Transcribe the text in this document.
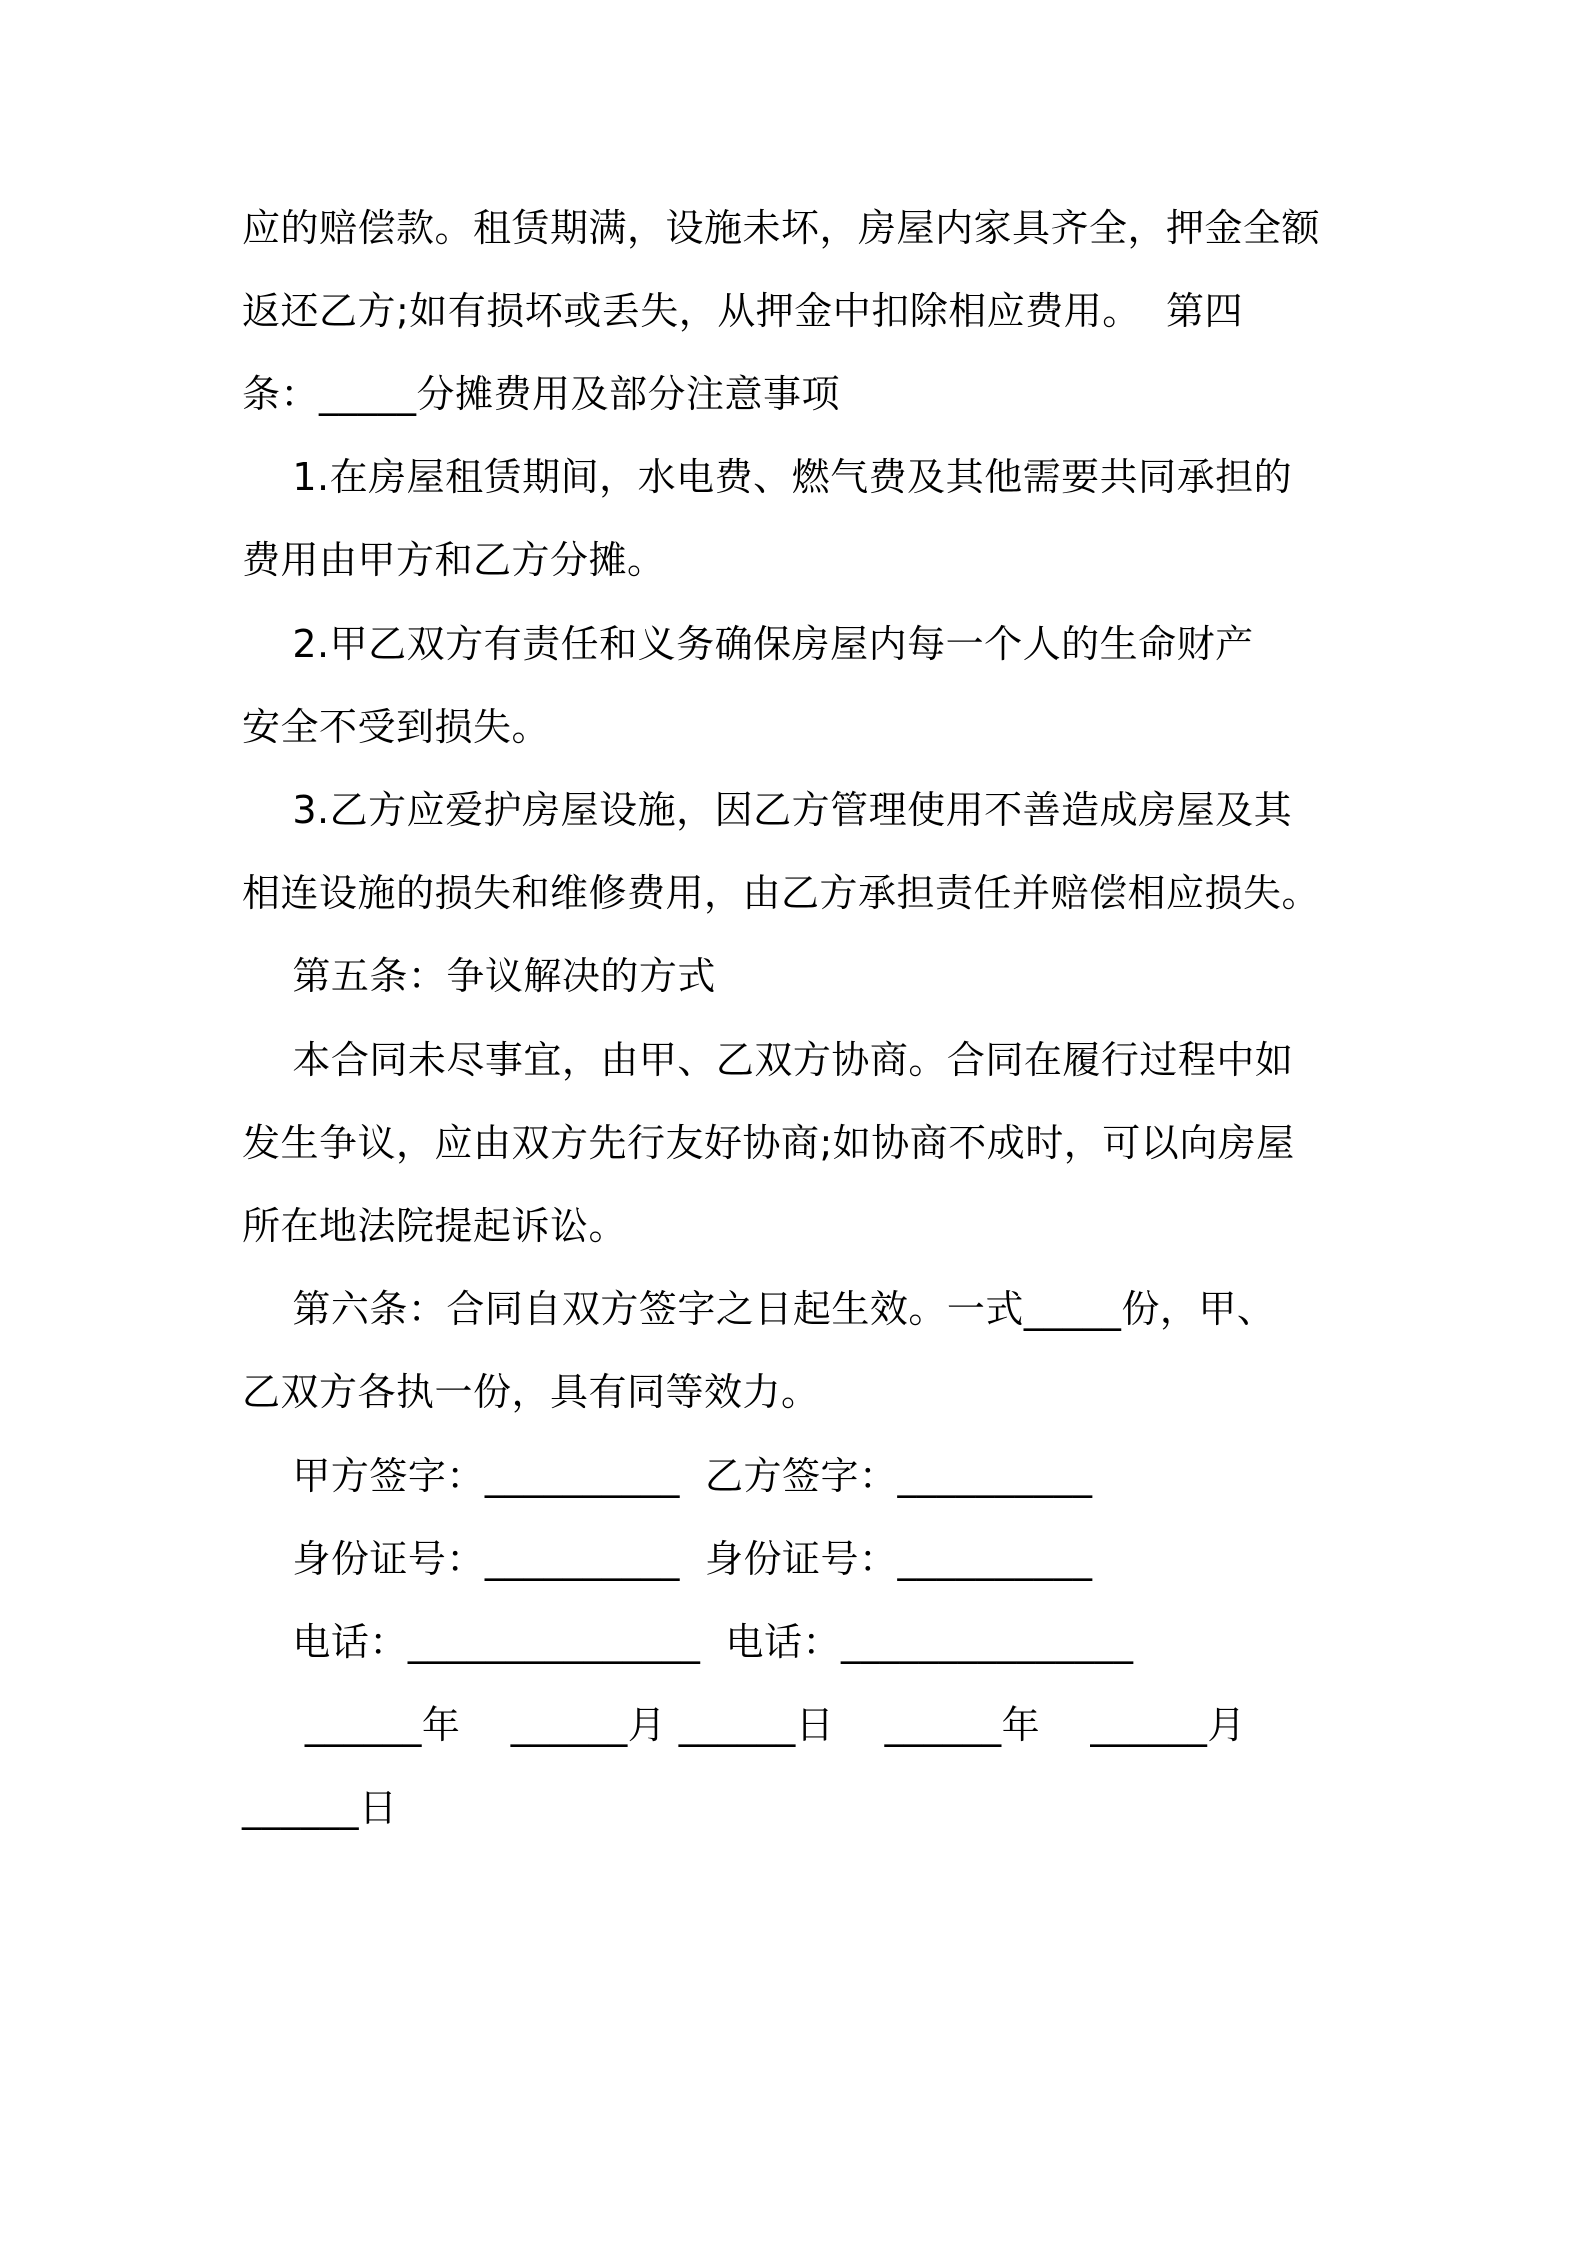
应的赔偿款。租赁期满，设施未坏，房屋内家具齐全，押金全额
返还乙方;如有损坏或丢失，从押金中扣除相应费用。  第四
条：_____分摊费用及部分注意事项
1.在房屋租赁期间，水电费、燃气费及其他需要共同承担的
费用由甲方和乙方分摊。
2.甲乙双方有责任和义务确保房屋内每一个人的生命财产
安全不受到损失。
3.乙方应爱护房屋设施，因乙方管理使用不善造成房屋及其
相连设施的损失和维修费用，由乙方承担责任并赔偿相应损失。
第五条：争议解决的方式
本合同未尽事宜，由甲、乙双方协商。合同在履行过程中如
发生争议，应由双方先行友好协商;如协商不成时，可以向房屋
所在地法院提起诉讼。
第六条：合同自双方签字之日起生效。一式_____份，甲、
乙双方各执一份，具有同等效力。
甲方签字：__________  乙方签字：__________
身份证号：__________  身份证号：__________
电话：_______________  电话：_______________
______年    ______月 ______日    ______年    ______月
______日
